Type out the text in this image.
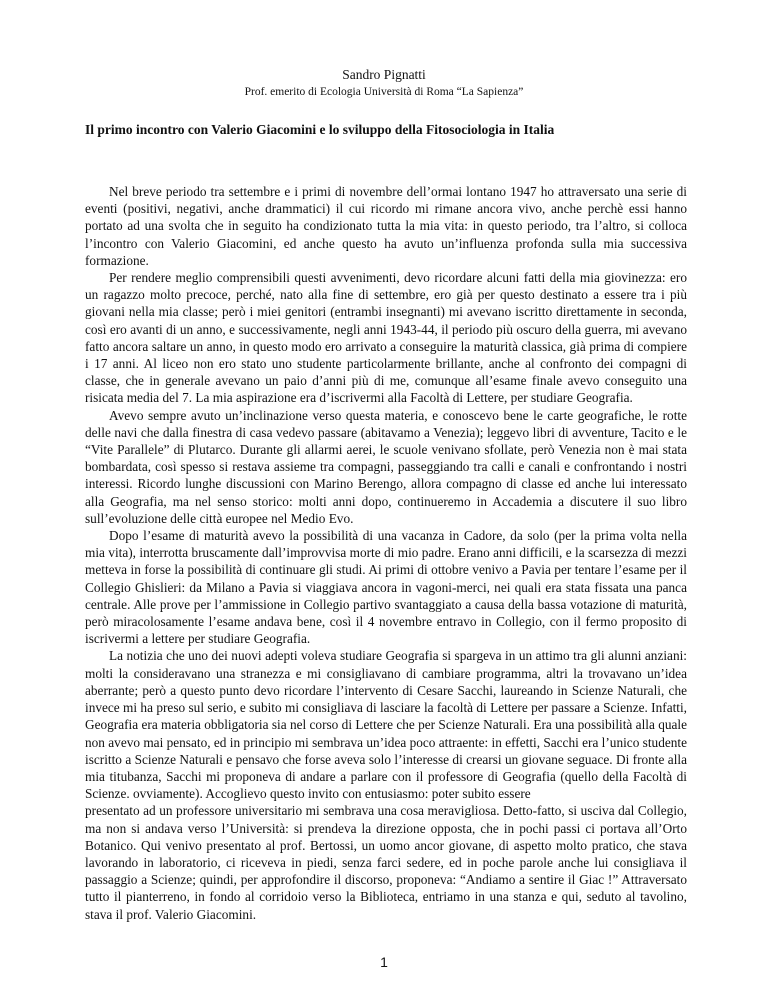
Sandro Pignatti
Prof. emerito di Ecologia Università di Roma “La Sapienza”
Il primo incontro con Valerio Giacomini e lo sviluppo della Fitosociologia in Italia

Nel breve periodo tra settembre e i primi di novembre dell’ormai lontano 1947 ho attraversato una serie di eventi (positivi, negativi, anche drammatici) il cui ricordo mi rimane ancora vivo, anche perchè essi hanno portato ad una svolta che in seguito ha condizionato tutta la mia vita: in questo periodo, tra l’altro, si colloca l’incontro con Valerio Giacomini, ed anche questo ha avuto un’influenza profonda sulla mia successiva formazione.

Per rendere meglio comprensibili questi avvenimenti, devo ricordare alcuni fatti della mia giovinezza: ero un ragazzo molto precoce, perché, nato alla fine di settembre, ero già per questo destinato a essere tra i più giovani nella mia classe; però i miei genitori (entrambi insegnanti) mi avevano iscritto direttamente in seconda, così ero avanti di un anno, e successivamente, negli anni 1943-44, il periodo più oscuro della guerra, mi avevano fatto ancora saltare un anno, in questo modo ero arrivato a conseguire la maturità classica, già prima di compiere i 17 anni. Al liceo non ero stato uno studente particolarmente brillante, anche al confronto dei compagni di classe, che in generale avevano un paio d’anni più di me, comunque all’esame finale avevo conseguito una risicata media del 7. La mia aspirazione era d’iscrivermi alla Facoltà di Lettere, per studiare Geografia.

Avevo sempre avuto un’inclinazione verso questa materia, e conoscevo bene le carte geografiche, le rotte delle navi che dalla finestra di casa vedevo passare (abitavamo a Venezia); leggevo libri di avventure, Tacito e le “Vite Parallele” di Plutarco. Durante gli allarmi aerei, le scuole venivano sfollate, però Venezia non è mai stata bombardata, così spesso si restava assieme tra compagni, passeggiando tra calli e canali e confrontando i nostri interessi. Ricordo lunghe discussioni con Marino Berengo, allora compagno di classe ed anche lui interessato alla Geografia, ma nel senso storico: molti anni dopo, continueremo in Accademia a discutere il suo libro sull’evoluzione delle città europee nel Medio Evo.

Dopo l’esame di maturità avevo la possibilità di una vacanza in Cadore, da solo (per la prima volta nella mia vita), interrotta bruscamente dall’improvvisa morte di mio padre. Erano anni difficili, e la scarsezza di mezzi metteva in forse la possibilità di continuare gli studi. Ai primi di ottobre venivo a Pavia per tentare l’esame per il Collegio Ghislieri: da Milano a Pavia si viaggiava ancora in vagoni-merci, nei quali era stata fissata una panca centrale. Alle prove per l’ammissione in Collegio partivo svantaggiato a causa della bassa votazione di maturità, però miracolosamente l’esame andava bene, così il 4 novembre entravo in Collegio, con il fermo proposito di iscrivermi a lettere per studiare Geografia.

La notizia che uno dei nuovi adepti voleva studiare Geografia si spargeva in un attimo tra gli alunni anziani: molti la consideravano una stranezza e mi consigliavano di cambiare programma, altri la trovavano un’idea aberrante; però a questo punto devo ricordare l’intervento di Cesare Sacchi, laureando in Scienze Naturali, che invece mi ha preso sul serio, e subito mi consigliava di lasciare la facoltà di Lettere per passare a Scienze. Infatti, Geografia era materia obbligatoria sia nel corso di Lettere che per Scienze Naturali. Era una possibilità alla quale non avevo mai pensato, ed in principio mi sembrava un’idea poco attraente: in effetti, Sacchi era l’unico studente iscritto a Scienze Naturali e pensavo che forse aveva solo l’interesse di crearsi un giovane seguace. Di fronte alla mia titubanza, Sacchi mi proponeva di andare a parlare con il professore di Geografia (quello della Facoltà di Scienze. ovviamente). Accoglievo questo invito con entusiasmo: poter subito essere

presentato ad un professore universitario mi sembrava una cosa meravigliosa. Detto-fatto, si usciva dal Collegio, ma non si andava verso l’Università: si prendeva la direzione opposta, che in pochi passi ci portava all’Orto Botanico. Qui venivo presentato al prof. Bertossi, un uomo ancor giovane, di aspetto molto pratico, che stava lavorando in laboratorio, ci riceveva in piedi, senza farci sedere, ed in poche parole anche lui consigliava il passaggio a Scienze; quindi, per approfondire il discorso, proponeva: “Andiamo a sentire il Giac !” Attraversato tutto il pianterreno, in fondo al corridoio verso la Biblioteca, entriamo in una stanza e qui, seduto al tavolino, stava il prof. Valerio Giacomini.

1
